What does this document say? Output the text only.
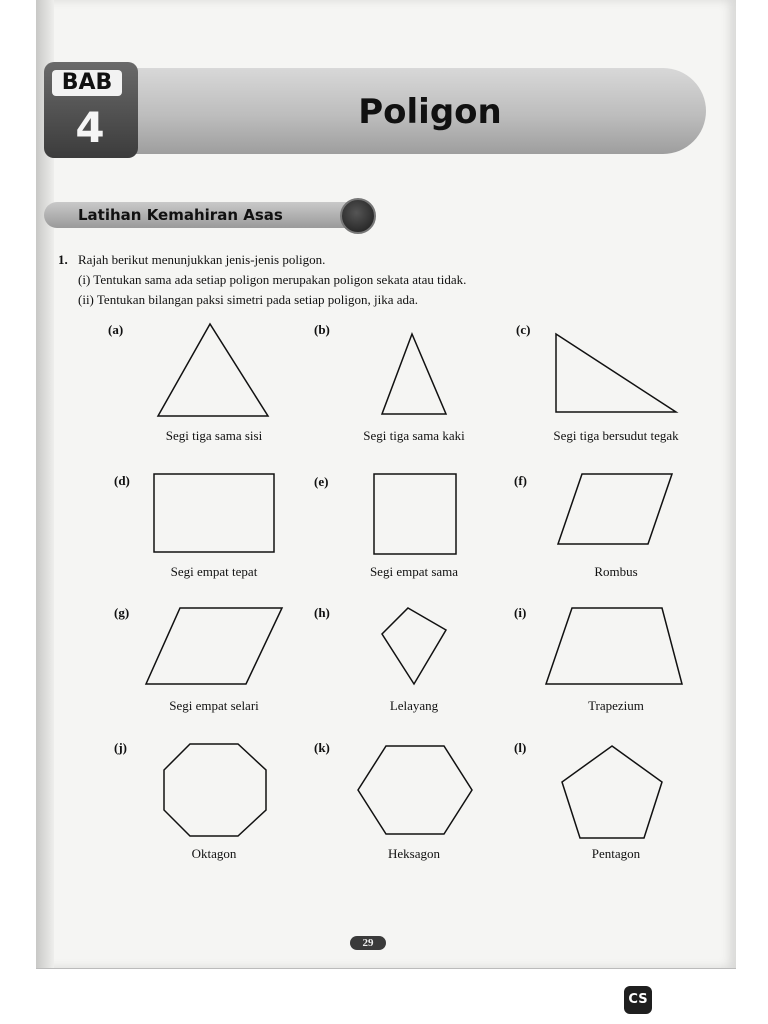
BAB
4	Poligon
Latihan Kemahiran Asas
1. Rajah berikut menunjukkan jenis-jenis poligon.
(i) Tentukan sama ada setiap poligon merupakan poligon sekata atau tidak.
(ii) Tentukan bilangan paksi simetri pada setiap poligon, jika ada.
(a)
Segi tiga sama sisi
(b)
Segi tiga sama kaki
(c)
Segi tiga bersudut tegak
(d)
Segi empat tepat
(e)
Segi empat sama
(f)
Rombus
(g)
Segi empat selari
(h)
Lelayang
(i)
Trapezium
(j)
Oktagon
(k)
Heksagon
(l)
Pentagon
29
CS
